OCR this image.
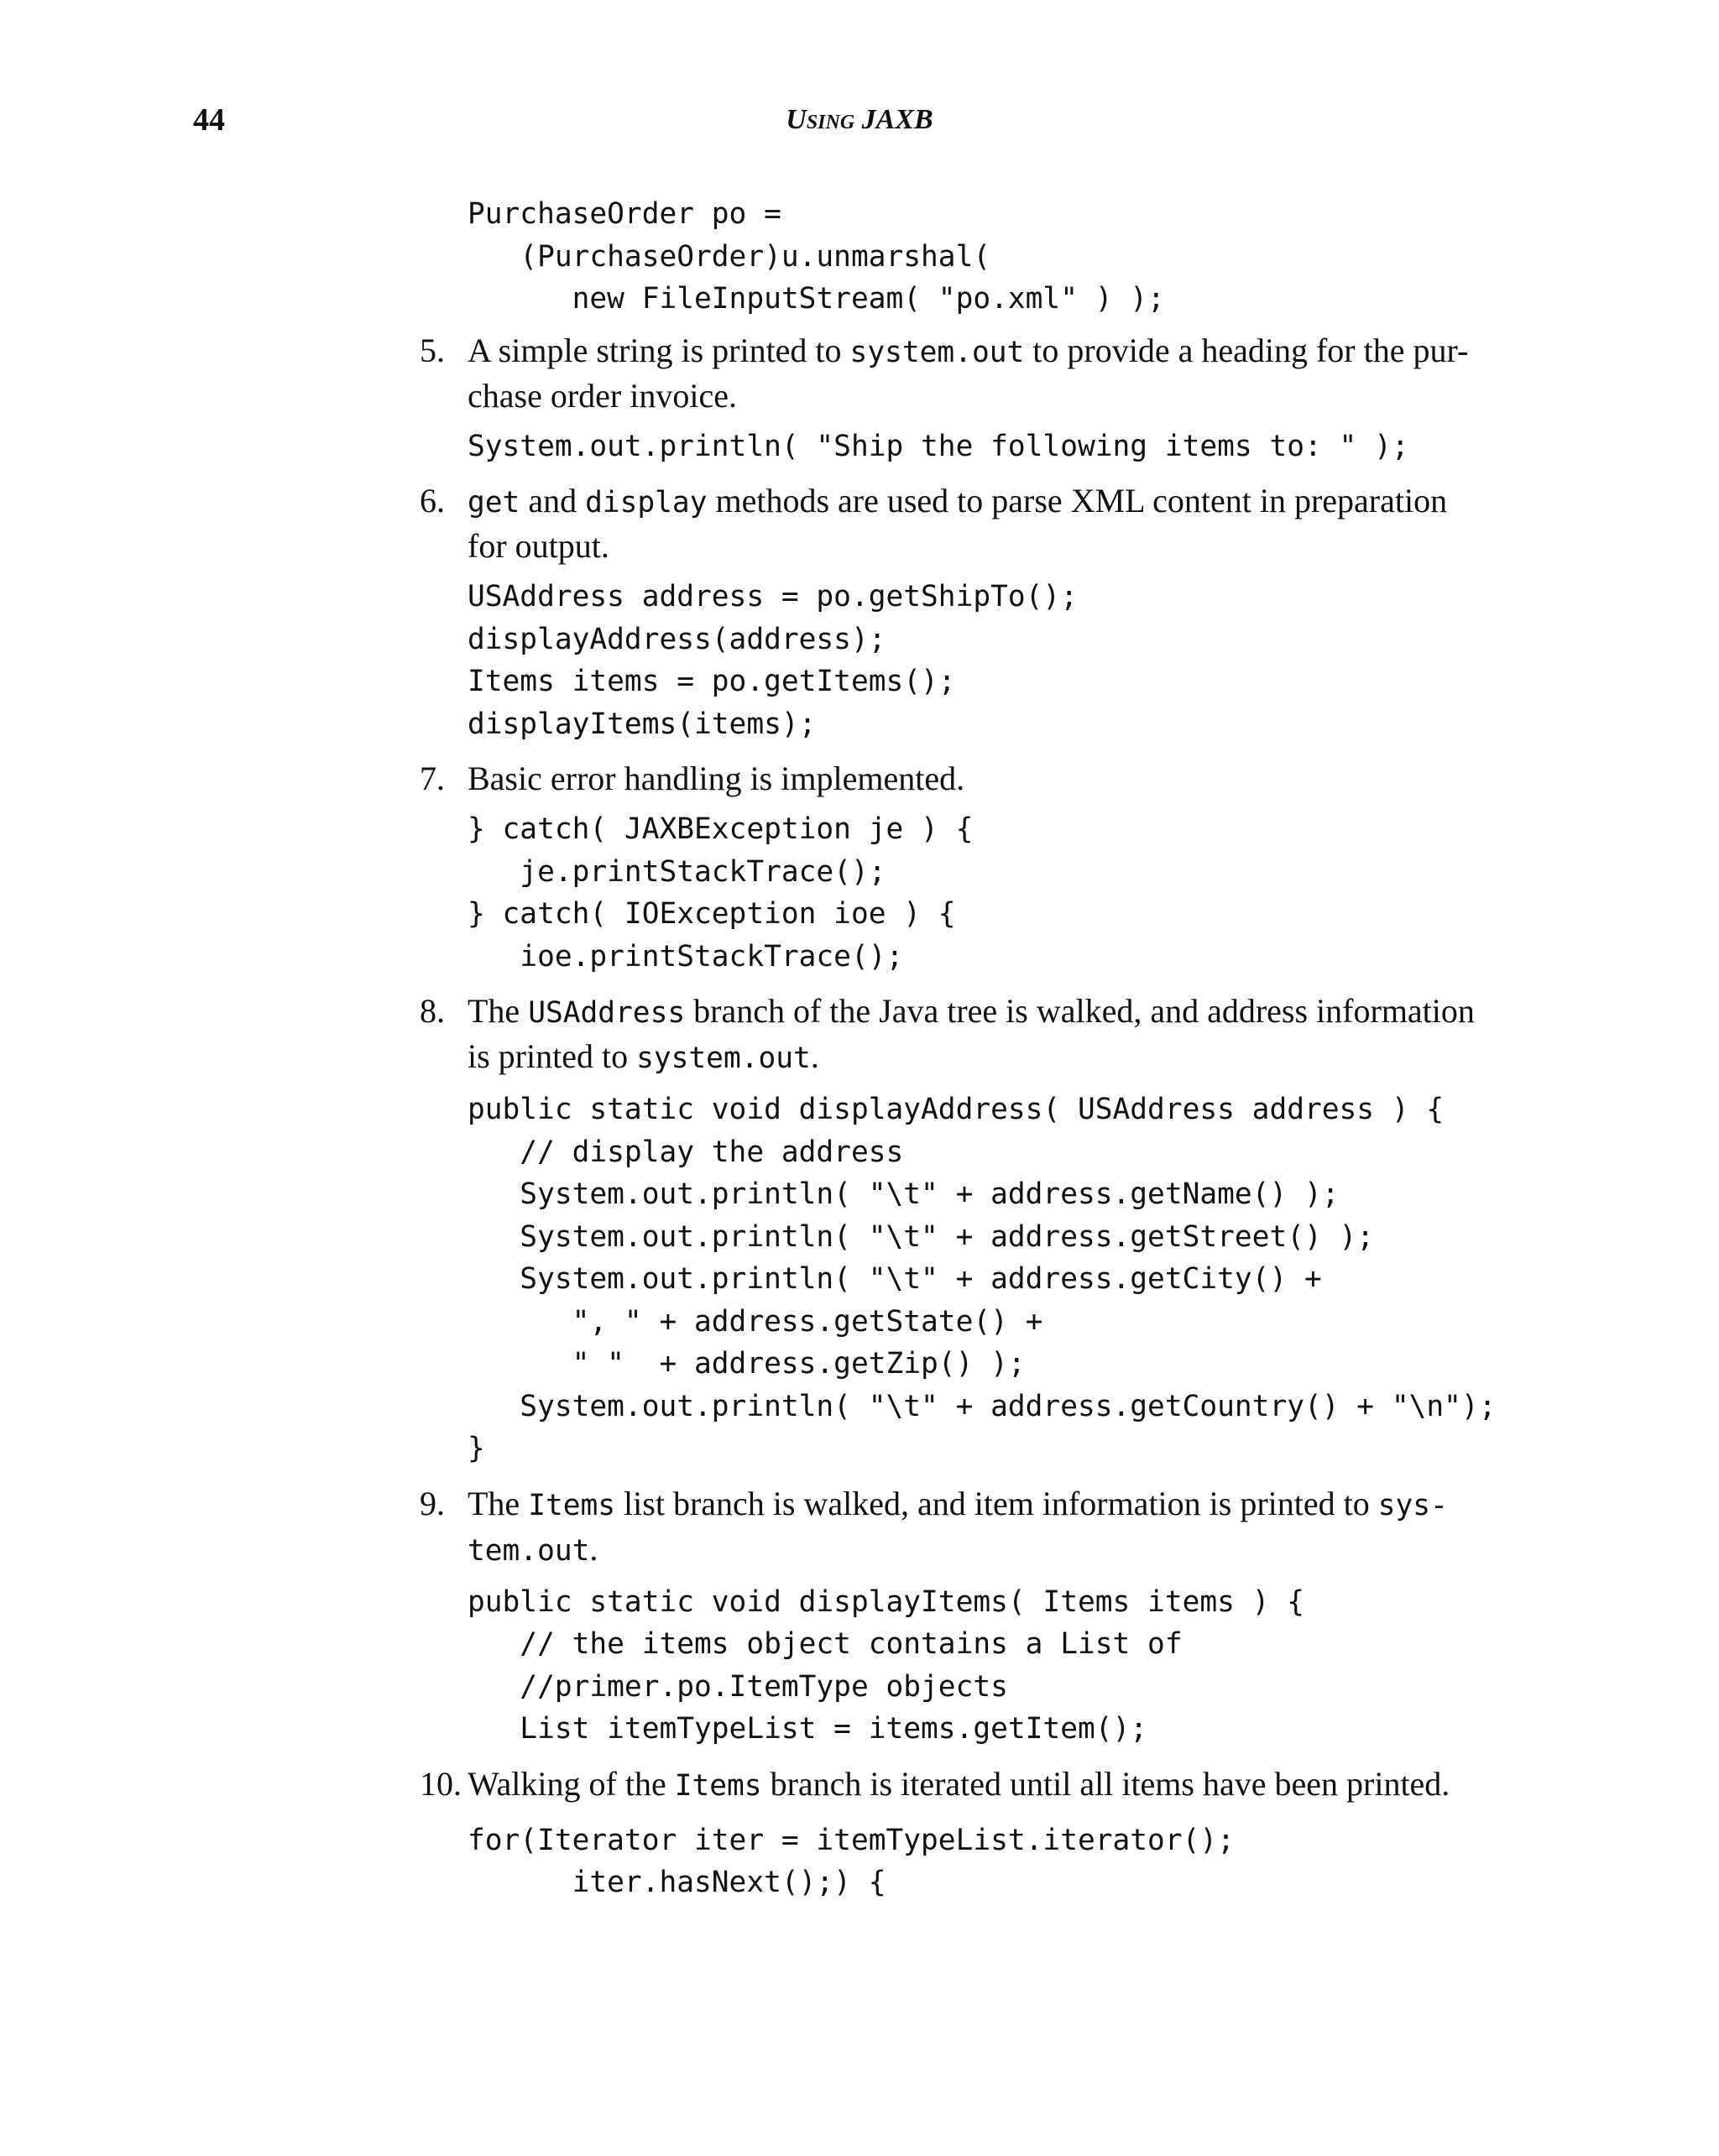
44	Using JAXB
PurchaseOrder po =
(PurchaseOrder)u.unmarshal(
new FileInputStream( "po.xml" ) );
5. A simple string is printed to system.out to provide a heading for the pur-
chase order invoice.
System.out.println( "Ship the following items to: " );
6. get and display methods are used to parse XML content in preparation
for output.
USAddress address = po.getShipTo();
displayAddress(address);
Items items = po.getItems();
displayItems(items);
7. Basic error handling is implemented.
} catch( JAXBException je ) {
je.printStackTrace();
} catch( IOException ioe ) {
ioe.printStackTrace();
8. The USAddress branch of the Java tree is walked, and address information
is printed to system.out.
public static void displayAddress( USAddress address ) {
// display the address
System.out.println( "\t" + address.getName() );
System.out.println( "\t" + address.getStreet() );
System.out.println( "\t" + address.getCity() +
", " + address.getState() +
" "  + address.getZip() );
System.out.println( "\t" + address.getCountry() + "\n");
}
9. The Items list branch is walked, and item information is printed to sys-
tem.out.
public static void displayItems( Items items ) {
// the items object contains a List of
//primer.po.ItemType objects
List itemTypeList = items.getItem();
10. Walking of the Items branch is iterated until all items have been printed.
for(Iterator iter = itemTypeList.iterator();
iter.hasNext();) {
